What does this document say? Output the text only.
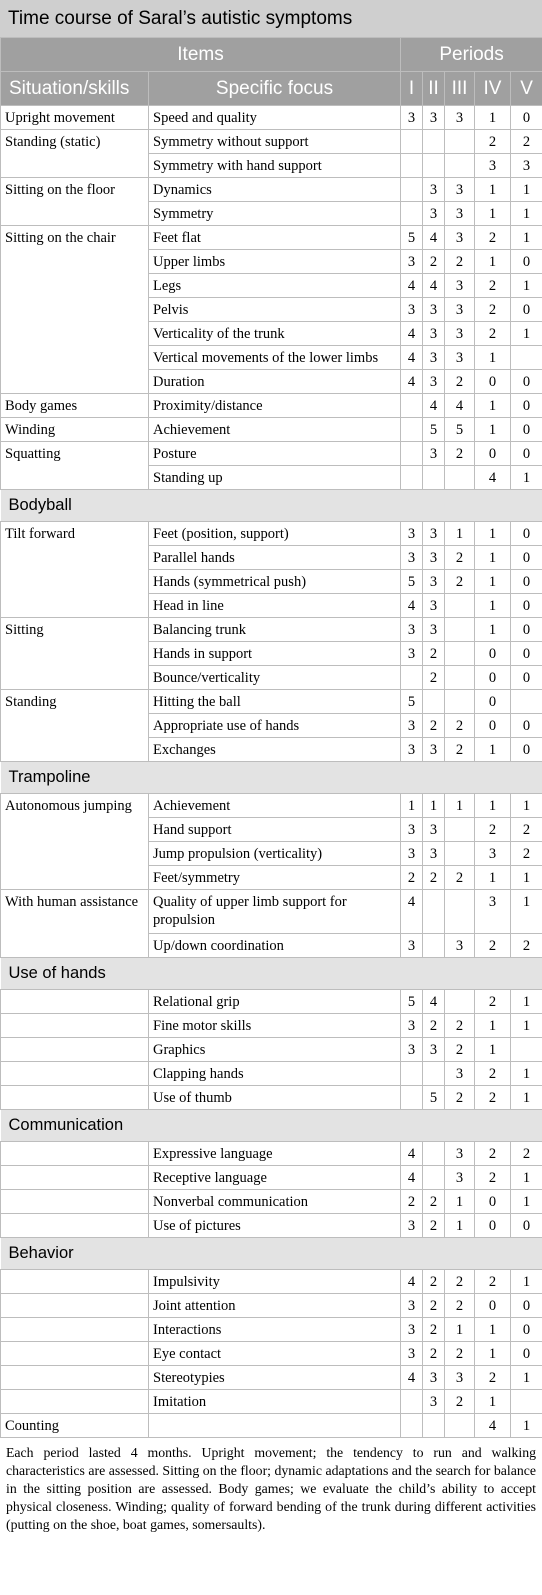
Time course of Saral’s autistic symptoms
Items		Periods				
Situation/skills	Specific focus	I	II	III	IV	V
Upright movement	Speed and quality	3	3	3	1	0
Standing (static)	Symmetry without support				2	2
	Symmetry with hand support				3	3
Sitting on the floor	Dynamics		3	3	1	1
	Symmetry		3	3	1	1
Sitting on the chair	Feet flat	5	4	3	2	1
	Upper limbs	3	2	2	1	0
	Legs	4	4	3	2	1
	Pelvis	3	3	3	2	0
	Verticality of the trunk	4	3	3	2	1
	Vertical movements of the lower limbs	4	3	3	1	
	Duration	4	3	2	0	0
Body games	Proximity/distance		4	4	1	0
Winding	Achievement		5	5	1	0
Squatting	Posture		3	2	0	0
	Standing up				4	1
Bodyball						
Tilt forward	Feet (position, support)	3	3	1	1	0
	Parallel hands	3	3	2	1	0
	Hands (symmetrical push)	5	3	2	1	0
	Head in line	4	3		1	0
Sitting	Balancing trunk	3	3		1	0
	Hands in support	3	2		0	0
	Bounce/verticality		2		0	0
Standing	Hitting the ball	5			0	
	Appropriate use of hands	3	2	2	0	0
	Exchanges	3	3	2	1	0
Trampoline						
Autonomous jumping	Achievement	1	1	1	1	1
	Hand support	3	3		2	2
	Jump propulsion (verticality)	3	3		3	2
	Feet/symmetry	2	2	2	1	1
With human assistance	Quality of upper limb support for propulsion	4			3	1
	Up/down coordination	3		3	2	2
Use of hands						
	Relational grip	5	4		2	1
	Fine motor skills	3	2	2	1	1
	Graphics	3	3	2	1	
	Clapping hands			3	2	1
	Use of thumb		5	2	2	1
Communication						
	Expressive language	4		3	2	2
	Receptive language	4		3	2	1
	Nonverbal communication	2	2	1	0	1
	Use of pictures	3	2	1	0	0
Behavior						
	Impulsivity	4	2	2	2	1
	Joint attention	3	2	2	0	0
	Interactions	3	2	1	1	0
	Eye contact	3	2	2	1	0
	Stereotypies	4	3	3	2	1
	Imitation		3	2	1	
Counting					4	1
Each period lasted 4 months. Upright movement; the tendency to run and walking characteristics are assessed. Sitting on the floor; dynamic adaptations and the search for balance in the sitting position are assessed. Body games; we evaluate the child’s ability to accept physical closeness. Winding; quality of forward bending of the trunk during different activities (putting on the shoe, boat games, somersaults).
